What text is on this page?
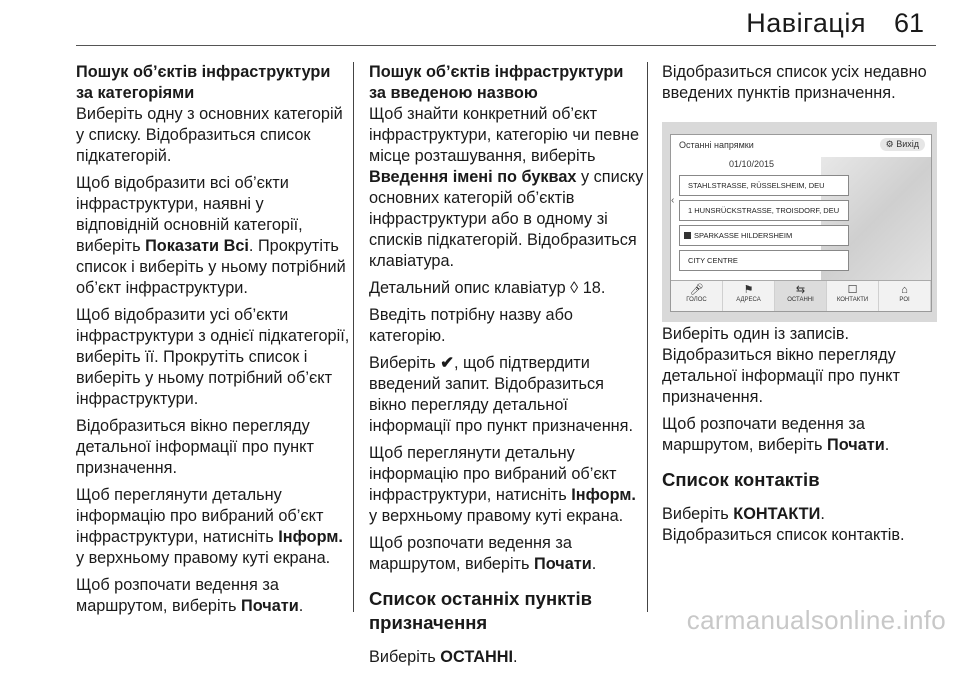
Навігація 61
Пошук об’єктів інфраструктури за категоріями

Виберіть одну з основних категорій у списку. Відобразиться список підкатегорій.

Щоб відобразити всі об’єкти інфраструктури, наявні у відповідній основній категорії, виберіть Показати Всі. Прокрутіть список і виберіть у ньому потрібний об’єкт інфраструктури.

Щоб відобразити усі об’єкти інфраструктури з однієї підкатегорії, виберіть її. Прокрутіть список і виберіть у ньому потрібний об’єкт інфраструктури.

Відобразиться вікно перегляду детальної інформації про пункт призначення.

Щоб переглянути детальну інформацію про вибраний об’єкт інфраструктури, натисніть Інформ. у верхньому правому куті екрана.

Щоб розпочати ведення за маршрутом, виберіть Почати.

Пошук об’єктів інфраструктури за введеною назвою

Щоб знайти конкретний об’єкт інфраструктури, категорію чи певне місце розташування, виберіть Введення імені по буквах у списку основних категорій об’єктів інфраструктури або в одному зі списків підкатегорій. Відобразиться клавіатура.

Детальний опис клавіатур ◊ 18.

Введіть потрібну назву або категорію.

Виберіть ✔, щоб підтвердити введений запит. Відобразиться вікно перегляду детальної інформації про пункт призначення.

Щоб переглянути детальну інформацію про вибраний об’єкт інфраструктури, натисніть Інформ. у верхньому правому куті екрана.

Щоб розпочати ведення за маршрутом, виберіть Почати.

Список останніх пунктів призначення

Виберіть ОСТАННІ.

Відобразиться список усіх недавно введених пунктів призначення.

Виберіть один із записів. Відобразиться вікно перегляду детальної інформації про пункт призначення.

Щоб розпочати ведення за маршрутом, виберіть Почати.

Список контактів

Виберіть КОНТАКТИ.

Відобразиться список контактів.

Останні напрямки	⚙ Вихід
‹
01/10/2015
STAHLSTRASSE, RÜSSELSHEIM, DEU
1 HUNSRÜCKSTRASSE, TROISDORF, DEU
SPARKASSE HILDERSHEIM
CITY CENTRE
🎤︎
ГОЛОС
⚑
АДРЕСА
⇆
ОСТАННІ
☐
КОНТАКТИ
⌂
POI
carmanualsonline.info
